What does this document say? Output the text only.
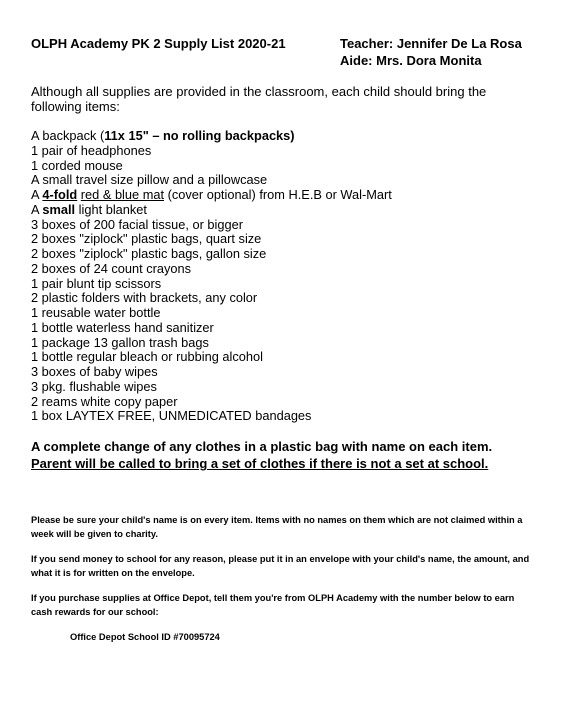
OLPH Academy PK 2 Supply List 2020-21	Teacher: Jennifer De La Rosa
Aide: Mrs. Dora Monita
Although all supplies are provided in the classroom, each child should bring the following items:
A backpack (11x 15" – no rolling backpacks)
1 pair of headphones
1 corded mouse
A small travel size pillow and a pillowcase
A 4-fold red & blue mat (cover optional) from H.E.B or Wal-Mart
A small light blanket
3 boxes of 200 facial tissue, or bigger
2 boxes "ziplock" plastic bags, quart size
2 boxes "ziplock" plastic bags, gallon size
2 boxes of 24 count crayons
1 pair blunt tip scissors
2 plastic folders with brackets, any color
1 reusable water bottle
1 bottle waterless hand sanitizer
1 package 13 gallon trash bags
1 bottle regular bleach or rubbing alcohol
3 boxes of baby wipes
3 pkg. flushable wipes
2 reams white copy paper
1 box LAYTEX FREE, UNMEDICATED bandages
A complete change of any clothes in a plastic bag with name on each item.
Parent will be called to bring a set of clothes if there is not a set at school.
Please be sure your child's name is on every item. Items with no names on them which are not claimed within a week will be given to charity.
If you send money to school for any reason, please put it in an envelope with your child's name, the amount, and what it is for written on the envelope.
If you purchase supplies at Office Depot, tell them you're from OLPH Academy with the number below to earn cash rewards for our school:
Office Depot School ID #70095724
